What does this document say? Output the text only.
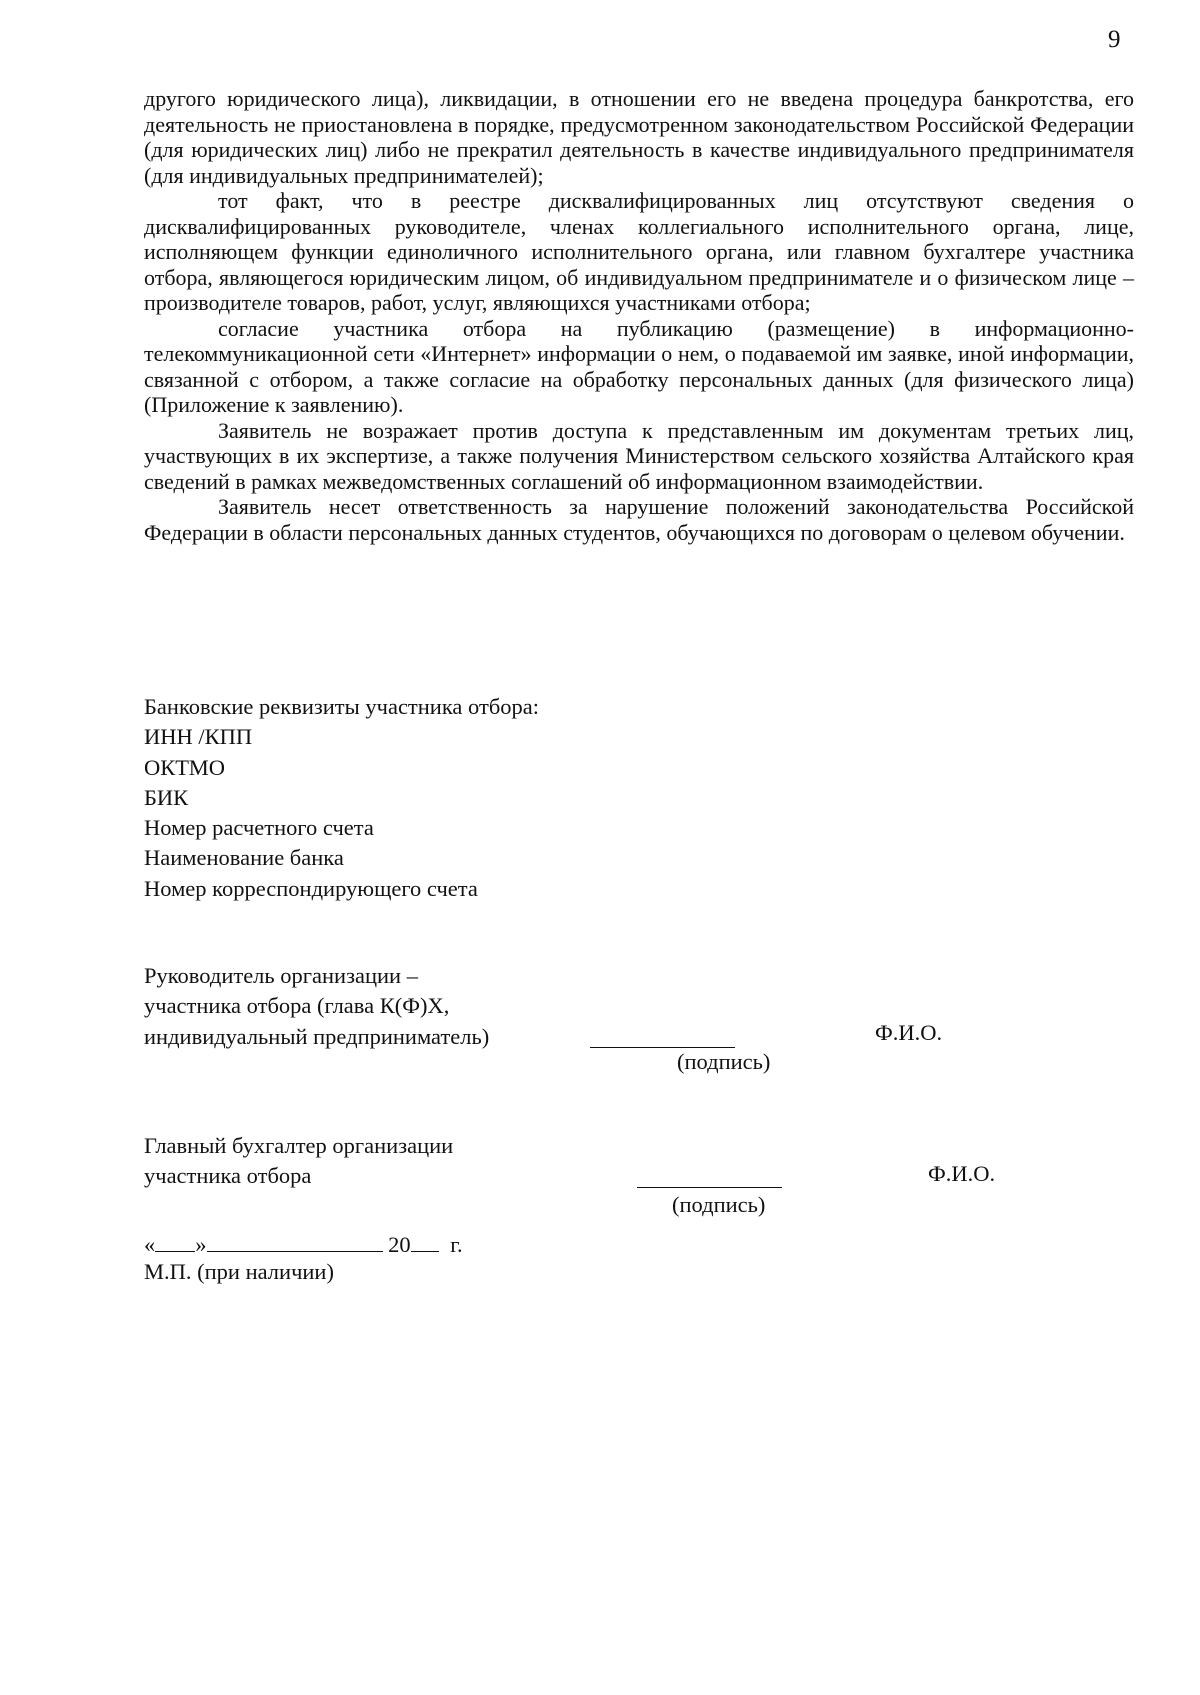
9

другого юридического лица), ликвидации, в отношении его не введена процедура банкротства, его деятельность не приостановлена в порядке, предусмотренном законодательством Российской Федерации (для юридических лиц) либо не прекратил деятельность в качестве индивидуального предпринимателя (для индивидуальных предпринимателей);

тот факт, что в реестре дисквалифицированных лиц отсутствуют сведения о дисквалифицированных руководителе, членах коллегиального исполнительного органа, лице, исполняющем функции единоличного исполнительного органа, или главном бухгалтере участника отбора, являющегося юридическим лицом, об индивидуальном предпринимателе и о физическом лице – производителе товаров, работ, услуг, являющихся участниками отбора;

согласие участника отбора на публикацию (размещение) в информационно-телекоммуникационной сети «Интернет» информации о нем, о подаваемой им заявке, иной информации, связанной с отбором, а также согласие на обработку персональных данных (для физического лица) (Приложение к заявлению).

Заявитель не возражает против доступа к представленным им документам третьих лиц, участвующих в их экспертизе, а также получения Министерством сельского хозяйства Алтайского края сведений в рамках межведомственных соглашений об информационном взаимодействии.

Заявитель несет ответственность за нарушение положений законодательства Российской Федерации в области персональных данных студентов, обучающихся по договорам о целевом обучении.

Банковские реквизиты участника отбора:
ИНН /КПП
ОКТМО
БИК
Номер расчетного счета
Наименование банка
Номер корреспондирующего счета
Руководитель организации –
участника отбора (глава К(Ф)Х,
индивидуальный предприниматель)
(подпись)
Ф.И.О.
Главный бухгалтер организации
участника отбора
(подпись)
Ф.И.О.
« »	20 г.
М.П. (при наличии)
